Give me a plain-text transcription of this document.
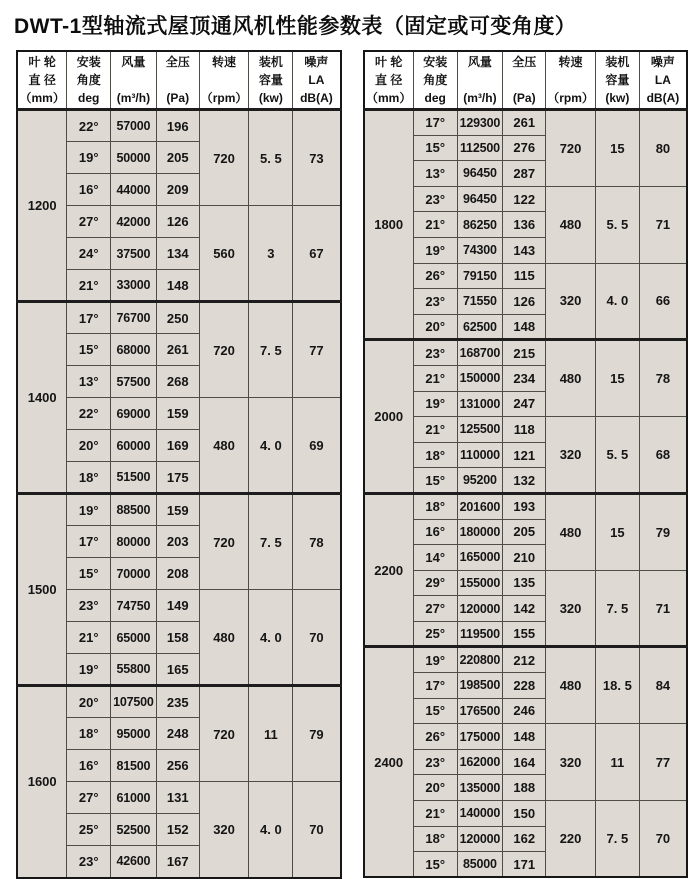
DWT-1型轴流式屋顶通风机性能参数表（固定或可变角度）
叶 轮
直 径
（mm）

安装
角度
deg

风量
(m³/h)

全压
(Pa)

转速
（rpm）

装机
容量
(kw)

噪声
LA
dB(A)

1200	22°	57000	196	720	5. 5	73
	19°	50000	205			
	16°	44000	209			
	27°	42000	126	560	3	67
	24°	37500	134			
	21°	33000	148			
1400	17°	76700	250	720	7. 5	77
	15°	68000	261			
	13°	57500	268			
	22°	69000	159	480	4. 0	69
	20°	60000	169			
	18°	51500	175			
1500	19°	88500	159	720	7. 5	78
	17°	80000	203			
	15°	70000	208			
	23°	74750	149	480	4. 0	70
	21°	65000	158			
	19°	55800	165			
1600	20°	107500	235	720	11	79
	18°	95000	248			
	16°	81500	256			
	27°	61000	131	320	4. 0	70
	25°	52500	152			
	23°	42600	167			
叶 轮
直 径
（mm）

安装
角度
deg

风量
(m³/h)

全压
(Pa)

转速
（rpm）

装机
容量
(kw)

噪声
LA
dB(A)

1800	17°	129300	261	720	15	80
	15°	112500	276			
	13°	96450	287			
	23°	96450	122	480	5. 5	71
	21°	86250	136			
	19°	74300	143			
	26°	79150	115	320	4. 0	66
	23°	71550	126			
	20°	62500	148			
2000	23°	168700	215	480	15	78
	21°	150000	234			
	19°	131000	247			
	21°	125500	118	320	5. 5	68
	18°	110000	121			
	15°	95200	132			
2200	18°	201600	193	480	15	79
	16°	180000	205			
	14°	165000	210			
	29°	155000	135	320	7. 5	71
	27°	120000	142			
	25°	119500	155			
2400	19°	220800	212	480	18. 5	84
	17°	198500	228			
	15°	176500	246			
	26°	175000	148	320	11	77
	23°	162000	164			
	20°	135000	188			
	21°	140000	150	220	7. 5	70
	18°	120000	162			
	15°	85000	171			
